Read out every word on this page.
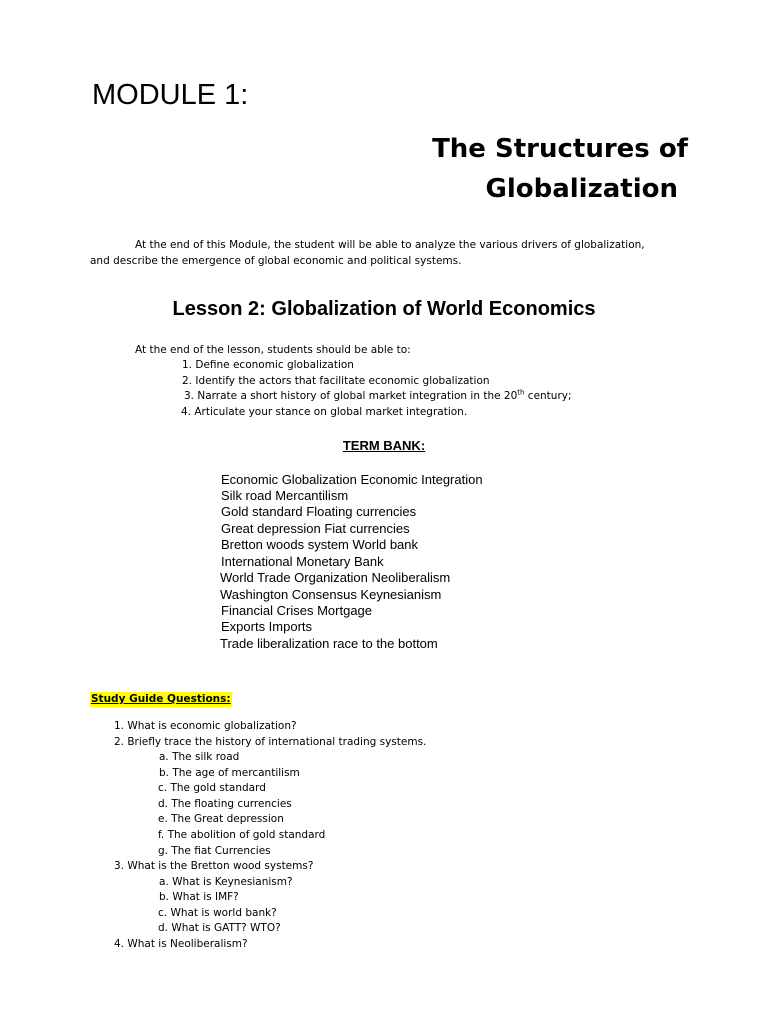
MODULE 1:
The Structures of
Globalization
At the end of this Module, the student will be able to analyze the various drivers of globalization,
and describe the emergence of global economic and political systems.
Lesson 2: Globalization of World Economics
At the end of the lesson, students should be able to:
1. Define economic globalization
2. Identify the actors that facilitate economic globalization
3. Narrate a short history of global market integration in the 20th century;
4. Articulate your stance on global market integration.
TERM BANK:
Economic Globalization Economic Integration
Silk road Mercantilism
Gold standard Floating currencies
Great depression Fiat currencies
Bretton woods system World bank
International Monetary Bank
World Trade Organization Neoliberalism
Washington Consensus Keynesianism
Financial Crises Mortgage
Exports Imports
Trade liberalization race to the bottom
Study Guide Questions:
1. What is economic globalization?
2. Briefly trace the history of international trading systems.
a. The silk road
b. The age of mercantilism
c. The gold standard
d. The floating currencies
e. The Great depression
f. The abolition of gold standard
g. The fiat Currencies
3. What is the Bretton wood systems?
a. What is Keynesianism?
b. What is IMF?
c. What is world bank?
d. What is GATT? WTO?
4. What is Neoliberalism?
